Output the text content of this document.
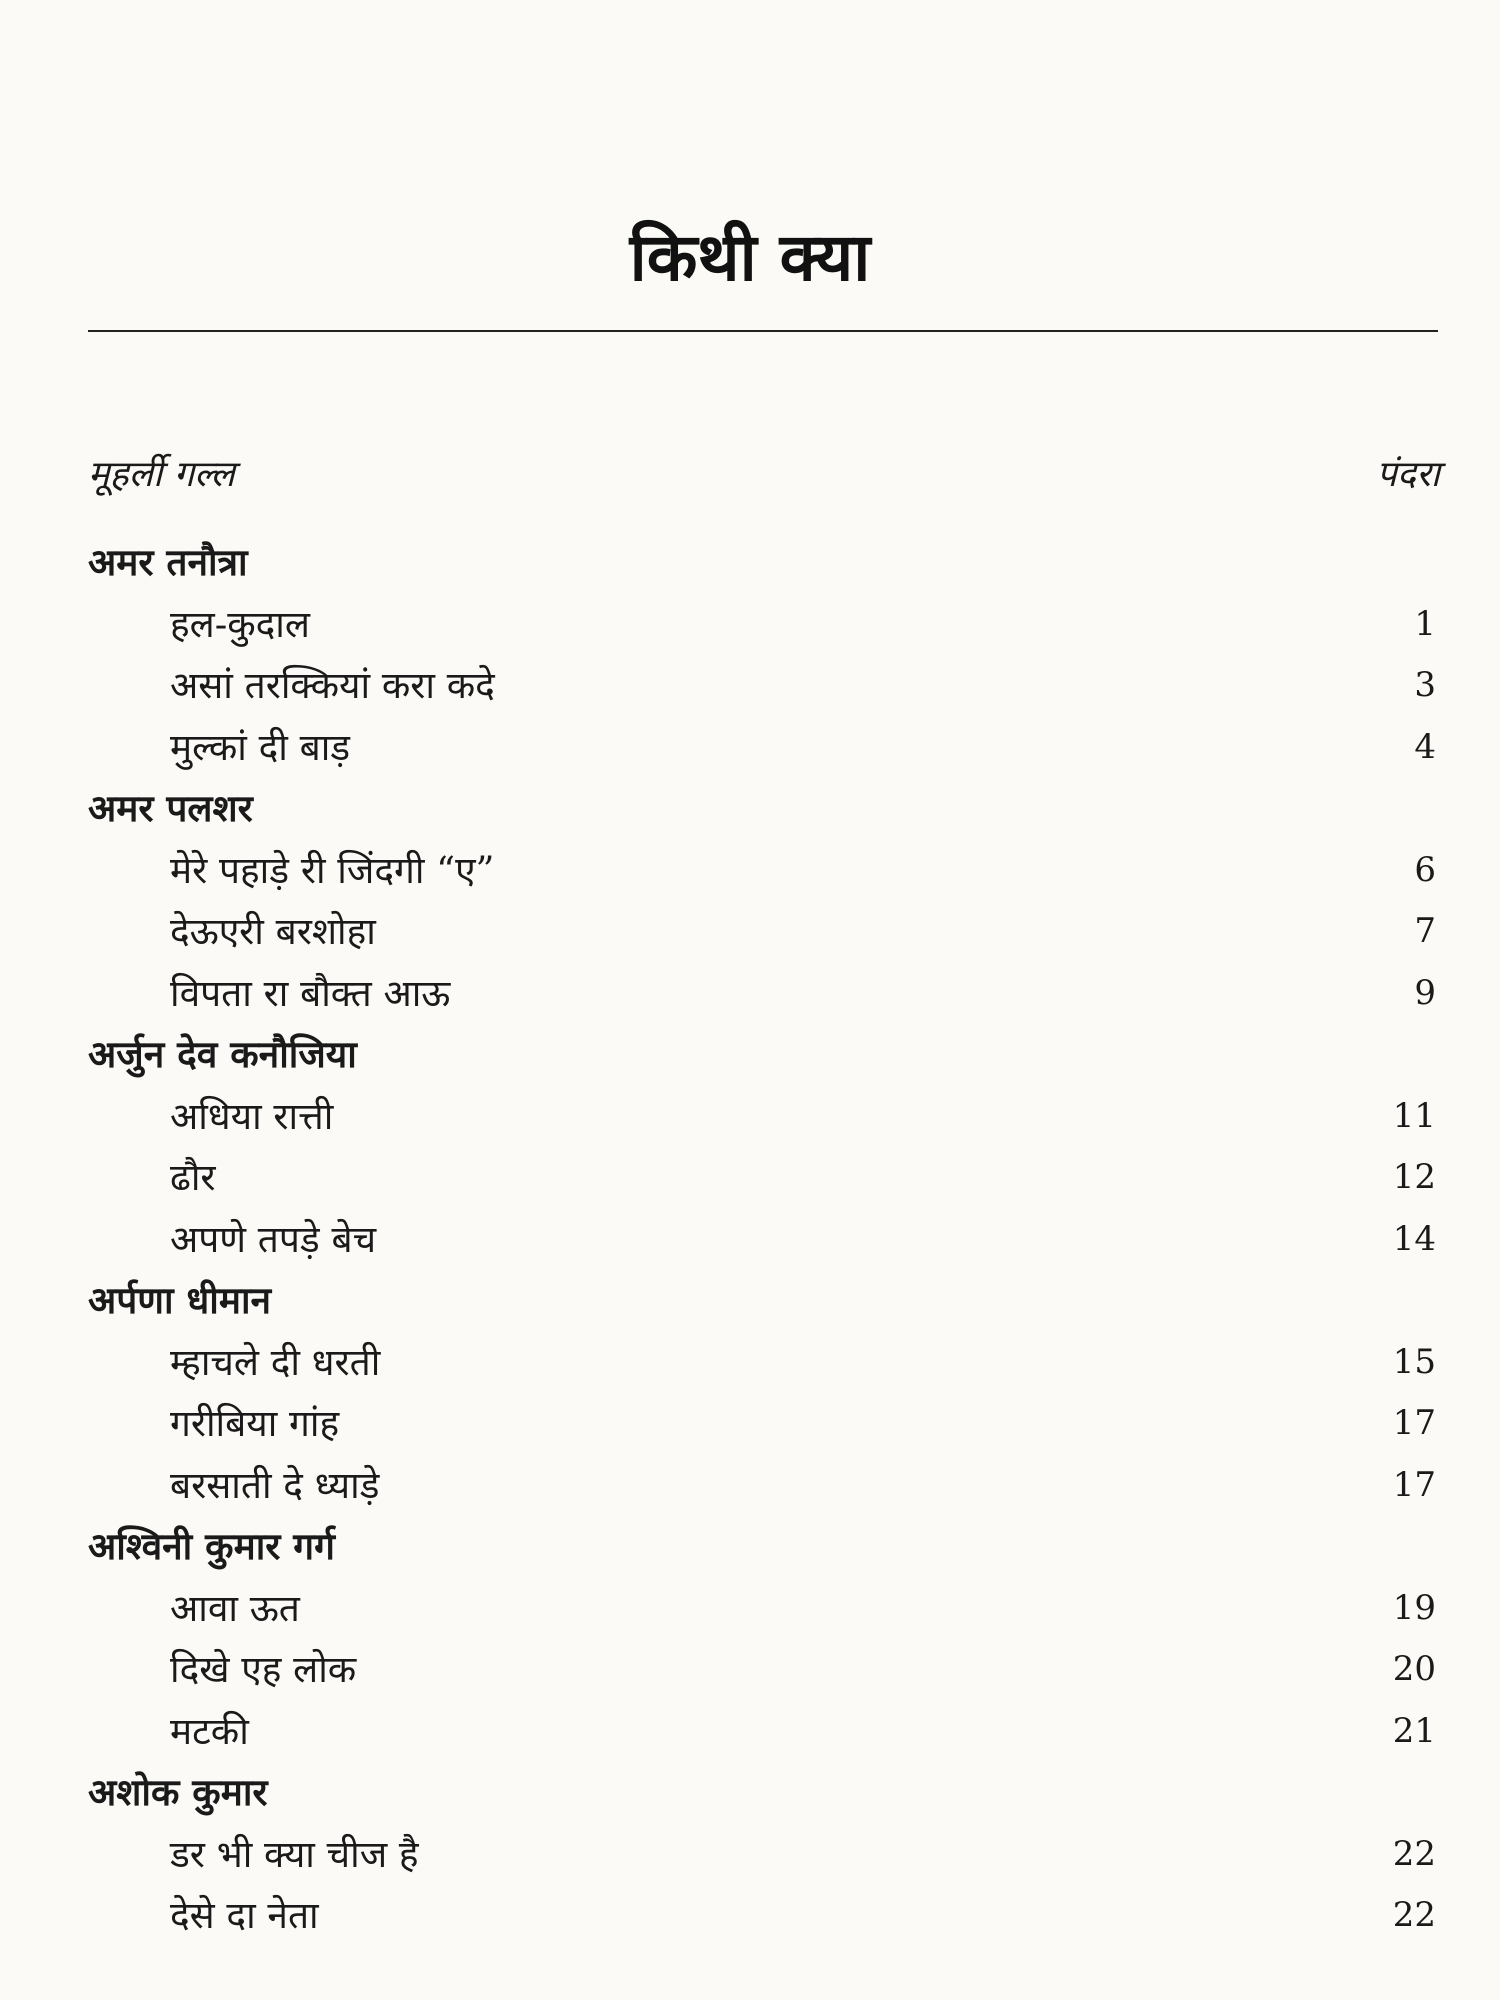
किथी क्या
मूहर्ली गल्ल	पंदरा
अमर तनौत्रा
हल-कुदाल	1
असां तरक्कियां करा कदे	3
मुल्कां दी बाड़	4
अमर पलशर
मेरे पहाड़े री जिंदगी “ए”	6
देऊएरी बरशोहा	7
विपता रा बौक्त आऊ	9
अर्जुन देव कनौजिया
अधिया रात्ती	11
ढौर	12
अपणे तपड़े बेच	14
अर्पणा धीमान
म्हाचले दी धरती	15
गरीबिया गांह	17
बरसाती दे ध्याड़े	17
अश्विनी कुमार गर्ग
आवा ऊत	19
दिखे एह लोक	20
मटकी	21
अशोक कुमार
डर भी क्या चीज है	22
देसे दा नेता	22
